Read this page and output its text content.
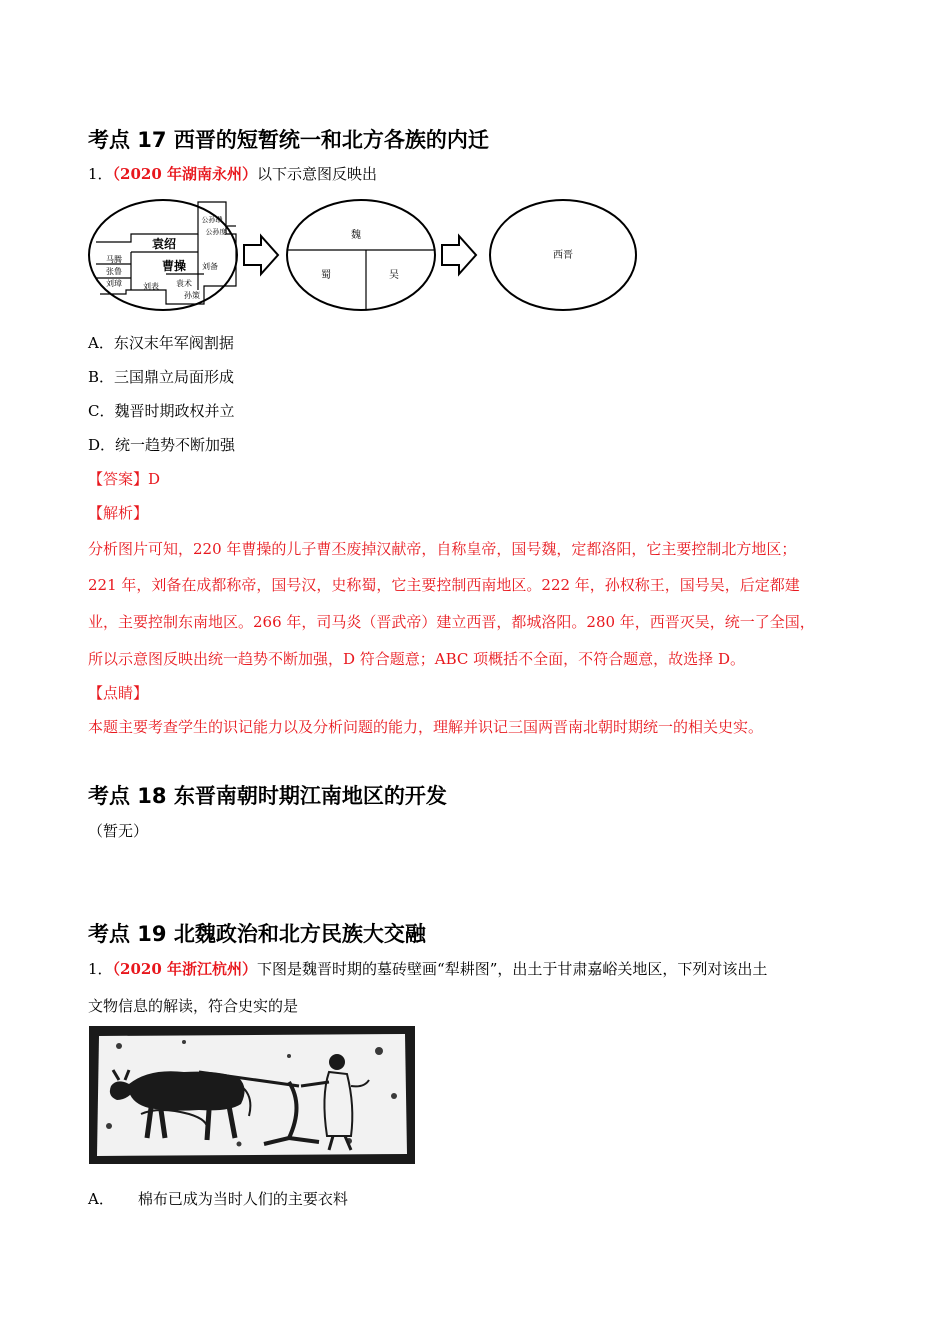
考点 17 西晋的短暂统一和北方各族的内迁
1．（2020 年湖南永州）以下示意图反映出
袁绍
曹操
公孙瓒
公孙度
马腾
张鲁
刘备
刘璋	刘表 袁术
孙策
魏
蜀	吴
西晋
A．东汉末年军阀割据
B．三国鼎立局面形成
C．魏晋时期政权并立
D．统一趋势不断加强
【答案】D
【解析】
分析图片可知，220 年曹操的儿子曹丕废掉汉献帝，自称皇帝，国号魏，定都洛阳，它主要控制北方地区；
221 年，刘备在成都称帝，国号汉，史称蜀，它主要控制西南地区。222 年，孙权称王，国号吴，后定都建
业，主要控制东南地区。266 年，司马炎（晋武帝）建立西晋，都城洛阳。280 年，西晋灭吴，统一了全国，
所以示意图反映出统一趋势不断加强，D 符合题意；ABC 项概括不全面，不符合题意，故选择 D。
【点睛】
本题主要考查学生的识记能力以及分析问题的能力，理解并识记三国两晋南北朝时期统一的相关史实。
考点 18 东晋南朝时期江南地区的开发
（暂无）
考点 19 北魏政治和北方民族大交融
1．（2020 年浙江杭州）下图是魏晋时期的墓砖壁画“犁耕图”，出土于甘肃嘉峪关地区，下列对该出土
文物信息的解读，符合史实的是
A． 棉布已成为当时人们的主要衣料
